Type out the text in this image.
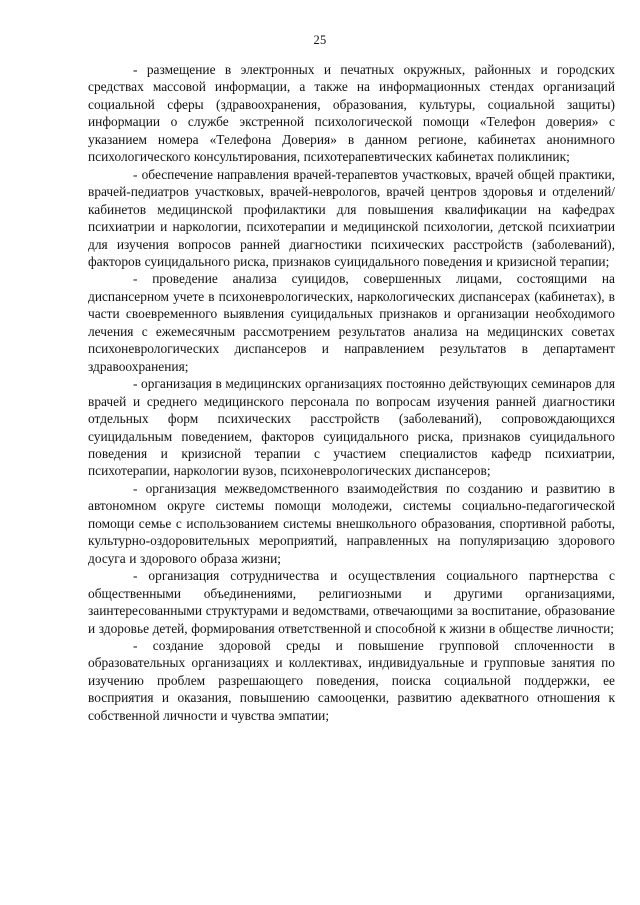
25

- размещение в электронных и печатных окружных, районных и городских средствах массовой информации, а также на информационных стендах организаций социальной сферы (здравоохранения, образования, культуры, социальной защиты) информации о службе экстренной психологической помощи «Телефон доверия» с указанием номера «Телефона Доверия» в данном регионе, кабинетах анонимного психологического консультирования, психотерапевтических кабинетах поликлиник;

- обеспечение направления врачей-терапевтов участковых, врачей общей практики, врачей-педиатров участковых, врачей-неврологов, врачей центров здоровья и отделений/кабинетов медицинской профилактики для повышения квалификации на кафедрах психиатрии и наркологии, психотерапии и медицинской психологии, детской психиатрии для изучения вопросов ранней диагностики психических расстройств (заболеваний), факторов суицидального риска, признаков суицидального поведения и кризисной терапии;

- проведение анализа суицидов, совершенных лицами, состоящими на диспансерном учете в психоневрологических, наркологических диспансерах (кабинетах), в части своевременного выявления суицидальных признаков и организации необходимого лечения с ежемесячным рассмотрением результатов анализа на медицинских советах психоневрологических диспансеров и направлением результатов в департамент здравоохранения;

- организация в медицинских организациях постоянно действующих семинаров для врачей и среднего медицинского персонала по вопросам изучения ранней диагностики отдельных форм психических расстройств (заболеваний), сопровождающихся суицидальным поведением, факторов суицидального риска, признаков суицидального поведения и кризисной терапии с участием специалистов кафедр психиатрии, психотерапии, наркологии вузов, психоневрологических диспансеров;

- организация межведомственного взаимодействия по созданию и развитию в автономном округе системы помощи молодежи, системы социально-педагогической помощи семье с использованием системы внешкольного образования, спортивной работы, культурно-оздоровительных мероприятий, направленных на популяризацию здорового досуга и здорового образа жизни;

- организация сотрудничества и осуществления социального партнерства с общественными объединениями, религиозными и другими организациями, заинтересованными структурами и ведомствами, отвечающими за воспитание, образование и здоровье детей, формирования ответственной и способной к жизни в обществе личности;

- создание здоровой среды и повышение групповой сплоченности в образовательных организациях и коллективах, индивидуальные и групповые занятия по изучению проблем разрешающего поведения, поиска социальной поддержки, ее восприятия и оказания, повышению самооценки, развитию адекватного отношения к собственной личности и чувства эмпатии;
